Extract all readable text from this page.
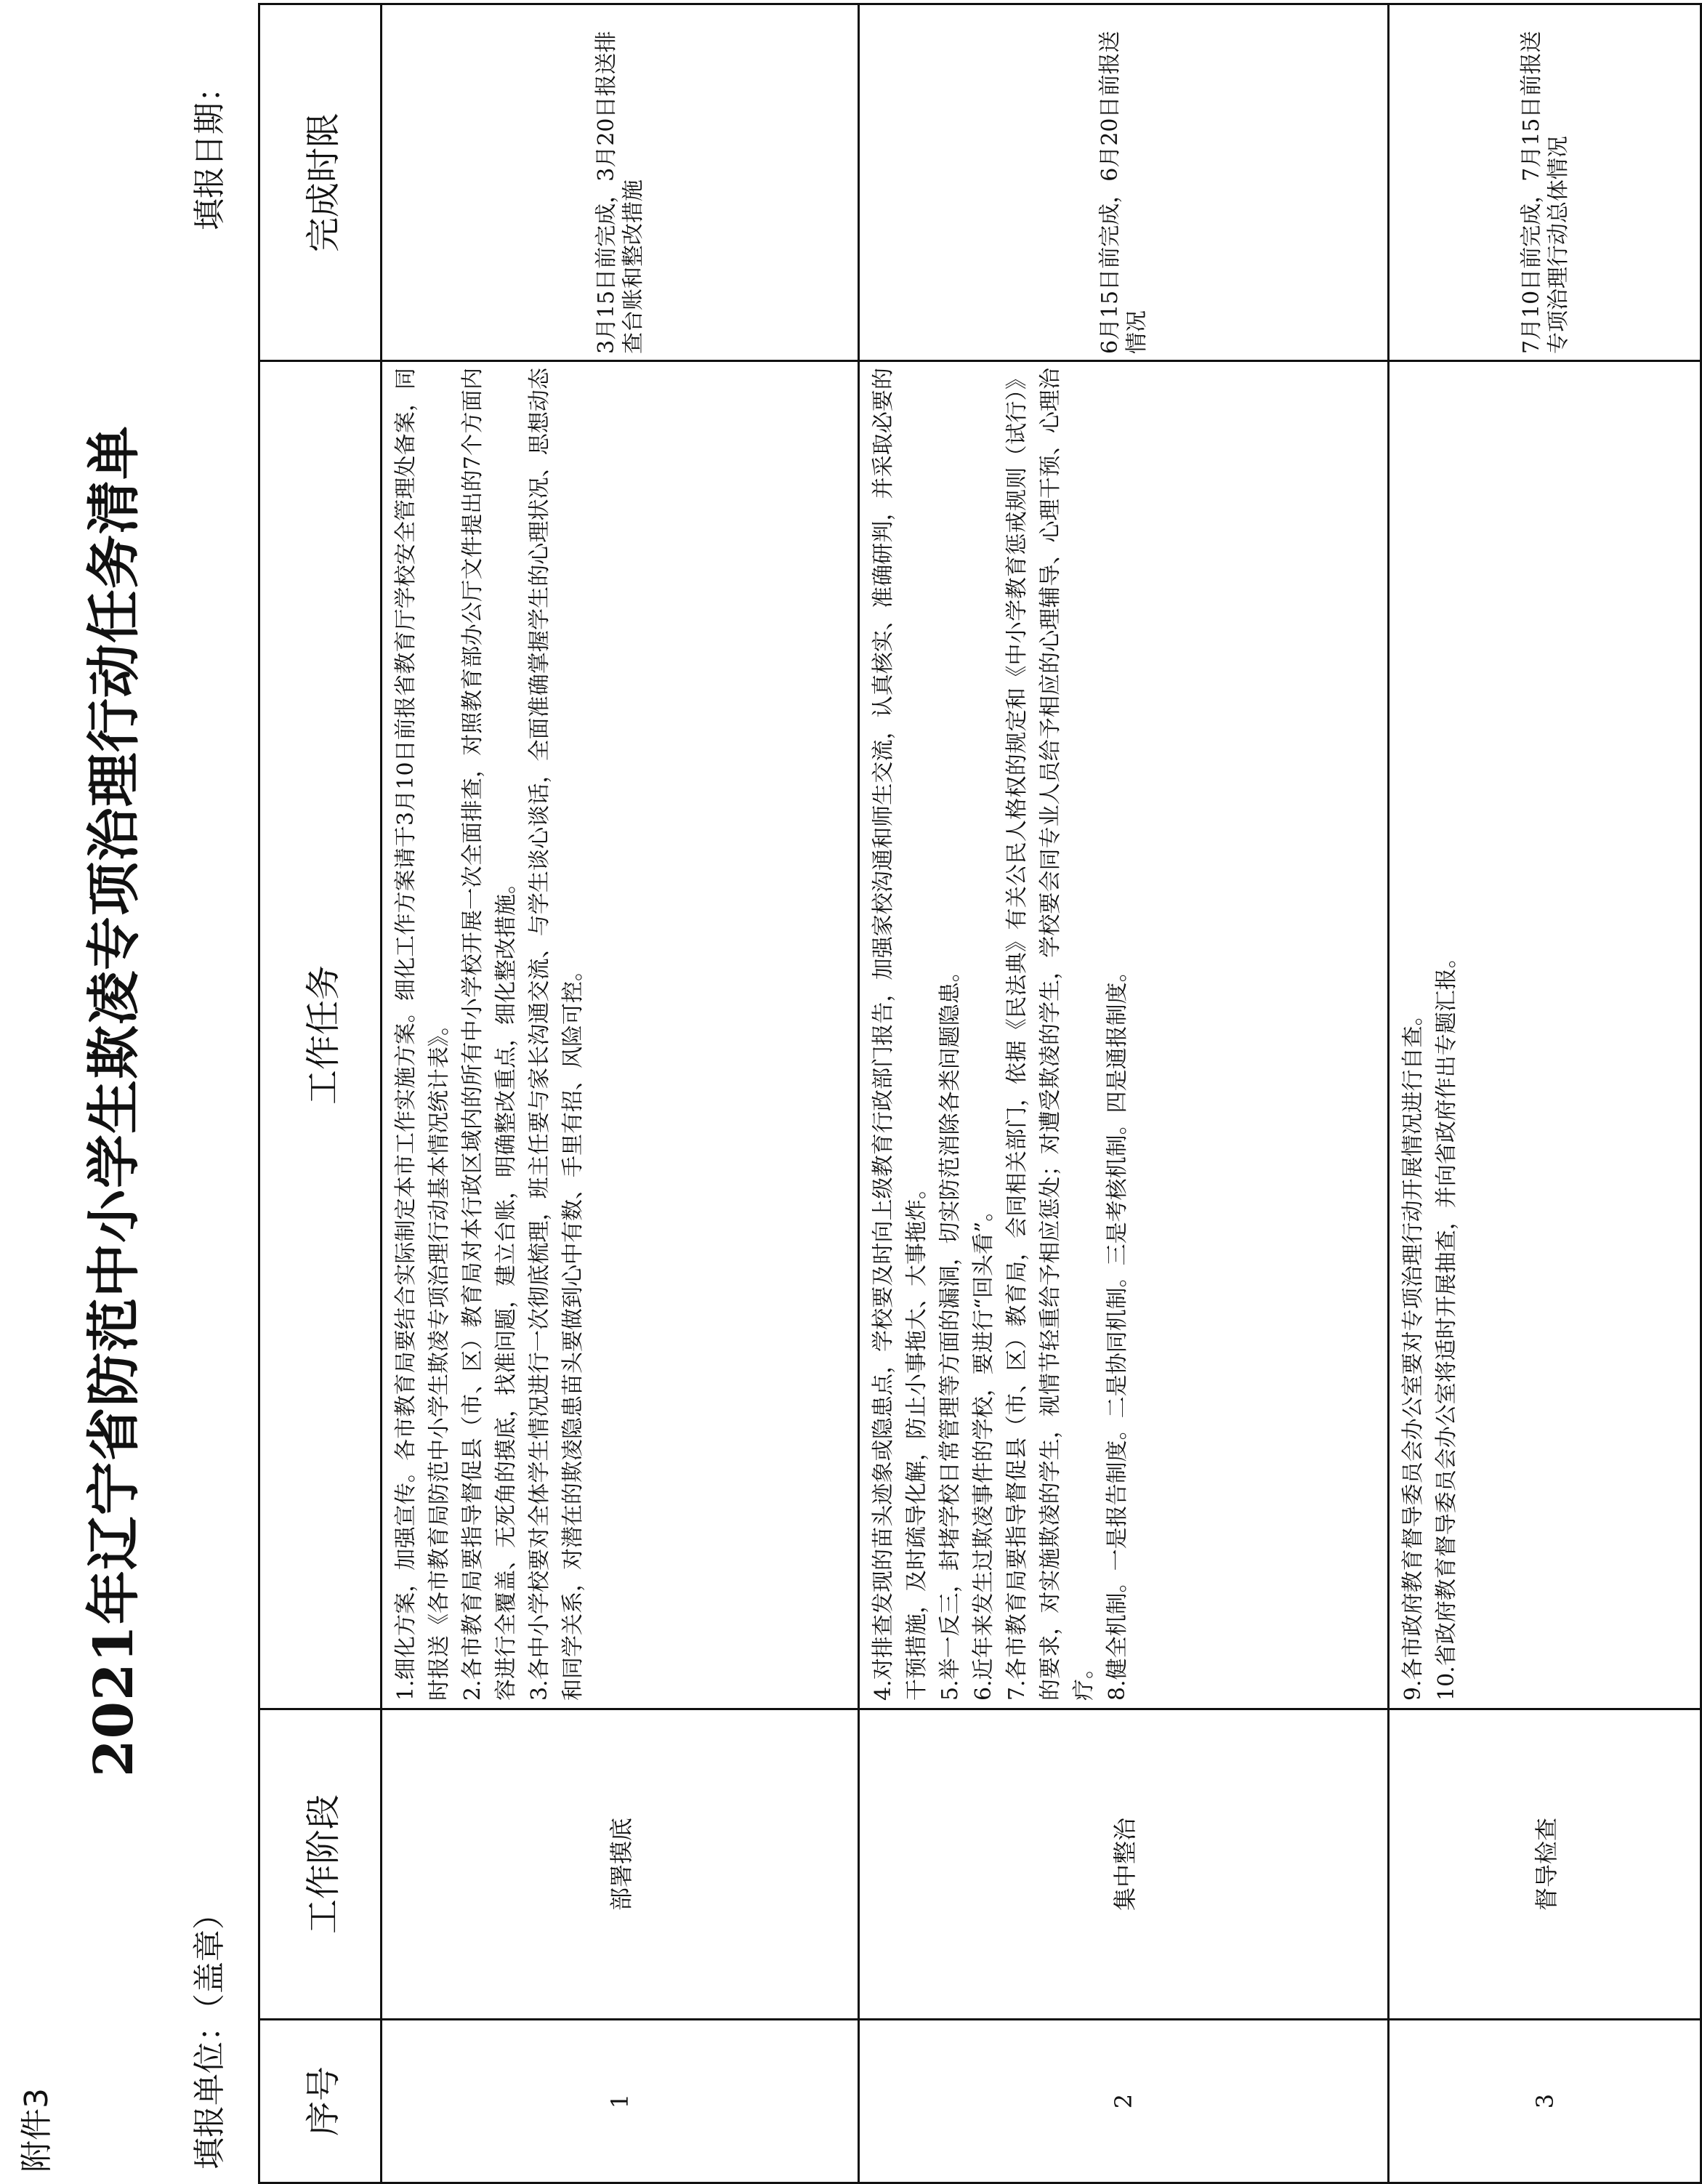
附件3
2021年辽宁省防范中小学生欺凌专项治理行动任务清单
填报单位：（盖章）
填报日期：
序号	工作阶段	工作任务	完成时限
1	部署摸底	1.细化方案，加强宣传。各市教育局要结合实际制定本市工作实施方案。细化工作方案请于3月10日前报省教育厅学校安全管理处备案，同时报送《各市教育局防范中小学生欺凌专项治理行动基本情况统计表》。 2.各市教育局要指导督促县（市、区）教育局对本行政区域内的所有中小学校开展一次全面排查，对照教育部办公厅文件提出的7个方面内容进行全覆盖、无死角的摸底，找准问题，建立台账，明确整改重点，细化整改措施。 3.各中小学校要对全体学生情况进行一次彻底梳理，班主任要与家长沟通交流、与学生谈心谈话，全面准确掌握学生的心理状况、思想动态和同学关系，对潜在的欺凌隐患苗头要做到心中有数、手里有招、风险可控。	3月15日前完成，3月20日报送排查台账和整改措施

2	集中整治	4.对排查发现的苗头迹象或隐患点，学校要及时向上级教育行政部门报告，加强家校沟通和师生交流，认真核实、准确研判，并采取必要的干预措施，及时疏导化解，防止小事拖大、大事拖炸。 5.举一反三，封堵学校日常管理等方面的漏洞，切实防范消除各类问题隐患。 6.近年来发生过欺凌事件的学校，要进行“回头看”。 7.各市教育局要指导督促县（市、区）教育局，会同相关部门，依据《民法典》有关公民人格权的规定和《中小学教育惩戒规则（试行）》的要求，对实施欺凌的学生，视情节轻重给予相应惩处；对遭受欺凌的学生，学校要会同专业人员给予相应的心理辅导、心理干预、心理治疗。 8.健全机制。一是报告制度。二是协同机制。三是考核机制。四是通报制度。	6月15日前完成，6月20日前报送情况

3	督导检查	9.各市政府教育督导委员会办公室要对专项治理行动开展情况进行自查。 10.省政府教育督导委员会办公室将适时开展抽查，并向省政府作出专题汇报。	7月10日前完成，7月15日前报送专项治理行动总体情况
